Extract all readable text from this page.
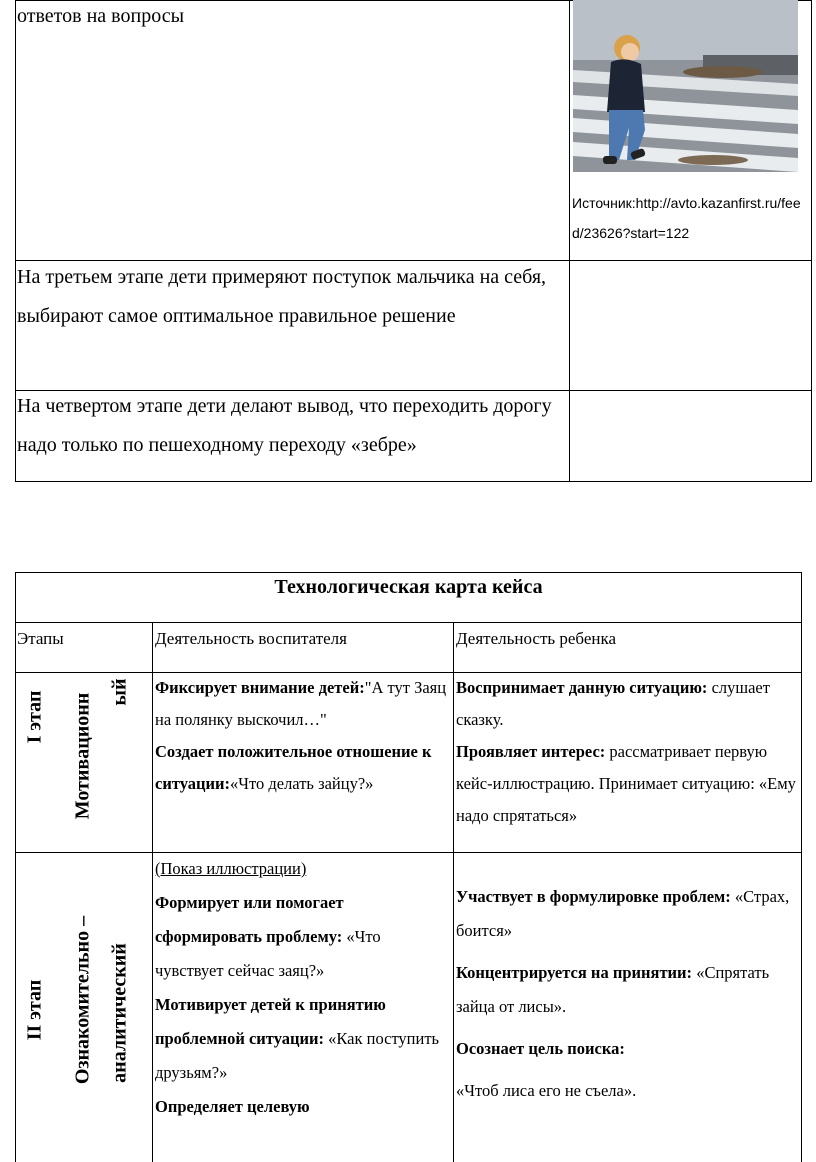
ответов на вопросы
Источник:http://avto.kazanfirst.ru/feed/23626?start=122
На третьем этапе дети примеряют поступок мальчика на себя, выбирают самое оптимальное правильное решение
На четвертом этапе дети делают вывод, что переходить дорогу надо только по пешеходному переходу «зебре»
Технологическая карта кейса
Этапы	Деятельность воспитателя	Деятельность ребенка
I этап Мотивационн
ый Фиксирует внимание детей:"А тут Заяц на полянку выскочил…"
Создает положительное отношение к ситуации:«Что делать зайцу?»
Воспринимает данную ситуацию: слушает сказку.
Проявляет интерес: рассматривает первую кейс-иллюстрацию. Принимает ситуацию: «Ему надо спрятаться»
II этап Ознакомительно – аналитический
(Показ иллюстрации)
Формирует или помогает сформировать проблему: «Что чувствует сейчас заяц?»
Мотивирует детей к принятию проблемной ситуации: «Как поступить друзьям?»
Определяет целевую
Участвует в формулировке проблем: «Страх, боится»
Концентрируется на принятии: «Спрятать зайца от лисы».
Осознает цель поиска:
«Чтоб лиса его не съела».
